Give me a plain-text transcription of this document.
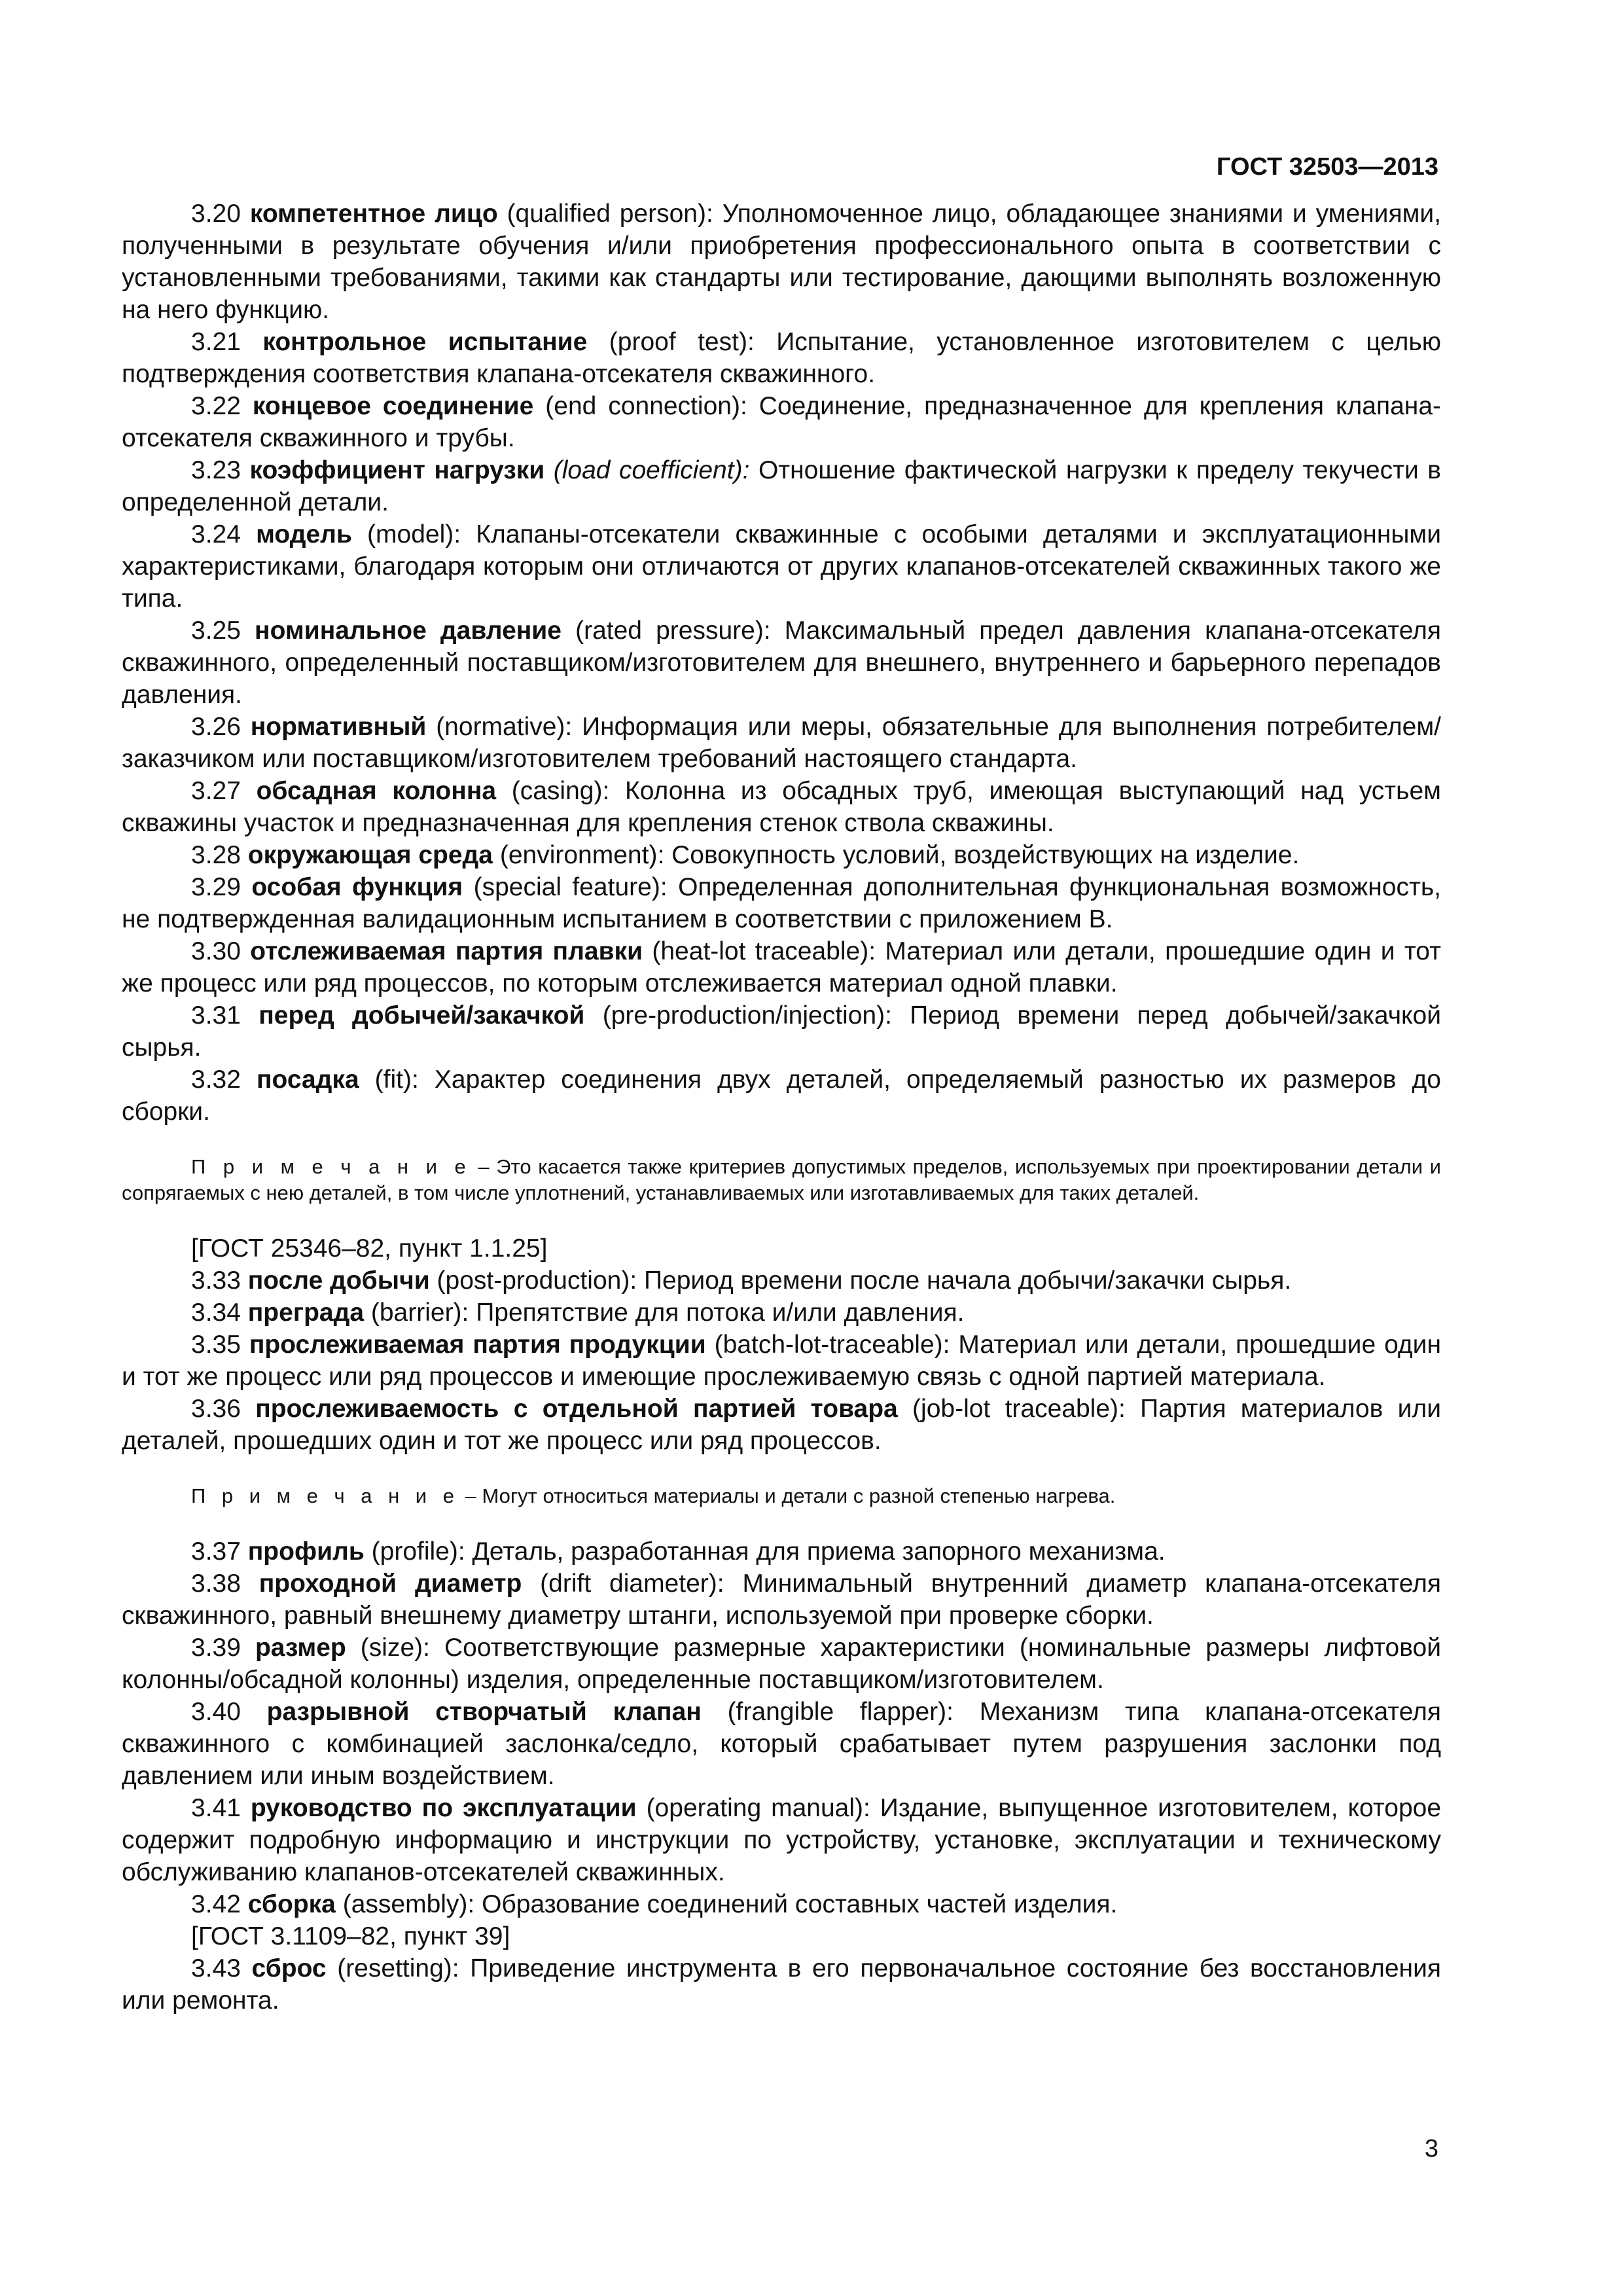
ГОСТ 32503—2013

3.20 компетентное лицо (qualified person): Уполномоченное лицо, обладающее знаниями и умениями, полученными в результате обучения и/или приобретения профессионального опыта в соответствии с установленными требованиями, такими как стандарты или тестирование, дающими выполнять возложенную на него функцию.

3.21 контрольное испытание (proof test): Испытание, установленное изготовителем с целью подтверждения соответствия клапана-отсекателя скважинного.

3.22 концевое соединение (end connection): Соединение, предназначенное для крепления клапана-отсекателя скважинного и трубы.

3.23 коэффициент нагрузки (load coefficient): Отношение фактической нагрузки к пределу текучести в определенной детали.

3.24 модель (model): Клапаны-отсекатели скважинные с особыми деталями и эксплуатационными характеристиками, благодаря которым они отличаются от других клапанов-отсекателей скважинных такого же типа.

3.25 номинальное давление (rated pressure): Максимальный предел давления клапана-отсекателя скважинного, определенный поставщиком/изготовителем для внешнего, внутреннего и барьерного перепадов давления.

3.26 нормативный (normative): Информация или меры, обязательные для выполнения потребителем/заказчиком или поставщиком/изготовителем требований настоящего стандарта.

3.27 обсадная колонна (casing): Колонна из обсадных труб, имеющая выступающий над устьем скважины участок и предназначенная для крепления стенок ствола скважины.

3.28 окружающая среда (environment): Совокупность условий, воздействующих на изделие.

3.29 особая функция (special feature): Определенная дополнительная функциональная возможность, не подтвержденная валидационным испытанием в соответствии с приложением В.

3.30 отслеживаемая партия плавки (heat-lot traceable): Материал или детали, прошедшие один и тот же процесс или ряд процессов, по которым отслеживается материал одной плавки.

3.31 перед добычей/закачкой (pre-production/injection): Период времени перед добычей/закачкой сырья.

3.32 посадка (fit): Характер соединения двух деталей, определяемый разностью их размеров до сборки.

П р и м е ч а н и е – Это касается также критериев допустимых пределов, используемых при проектировании детали и сопрягаемых с нею деталей, в том числе уплотнений, устанавливаемых или изготавливаемых для таких деталей.

[ГОСТ 25346–82, пункт 1.1.25]

3.33 после добычи (post-production): Период времени после начала добычи/закачки сырья.

3.34 преграда (barrier): Препятствие для потока и/или давления.

3.35 прослеживаемая партия продукции (batch-lot-traceable): Материал или детали, прошедшие один и тот же процесс или ряд процессов и имеющие прослеживаемую связь с одной партией материала.

3.36 прослеживаемость с отдельной партией товара (job-lot traceable): Партия материалов или деталей, прошедших один и тот же процесс или ряд процессов.

П р и м е ч а н и е – Могут относиться материалы и детали с разной степенью нагрева.

3.37 профиль (profile): Деталь, разработанная для приема запорного механизма.

3.38 проходной диаметр (drift diameter): Минимальный внутренний диаметр клапана-отсекателя скважинного, равный внешнему диаметру штанги, используемой при проверке сборки.

3.39 размер (size): Соответствующие размерные характеристики (номинальные размеры лифтовой колонны/обсадной колонны) изделия, определенные поставщиком/изготовителем.

3.40 разрывной створчатый клапан (frangible flapper): Механизм типа клапана-отсекателя скважинного с комбинацией заслонка/седло, который срабатывает путем разрушения заслонки под давлением или иным воздействием.

3.41 руководство по эксплуатации (operating manual): Издание, выпущенное изготовителем, которое содержит подробную информацию и инструкции по устройству, установке, эксплуатации и техническому обслуживанию клапанов-отсекателей скважинных.

3.42 сборка (assembly): Образование соединений составных частей изделия.

[ГОСТ 3.1109–82, пункт 39]

3.43 сброс (resetting): Приведение инструмента в его первоначальное состояние без восстановления или ремонта.

3
